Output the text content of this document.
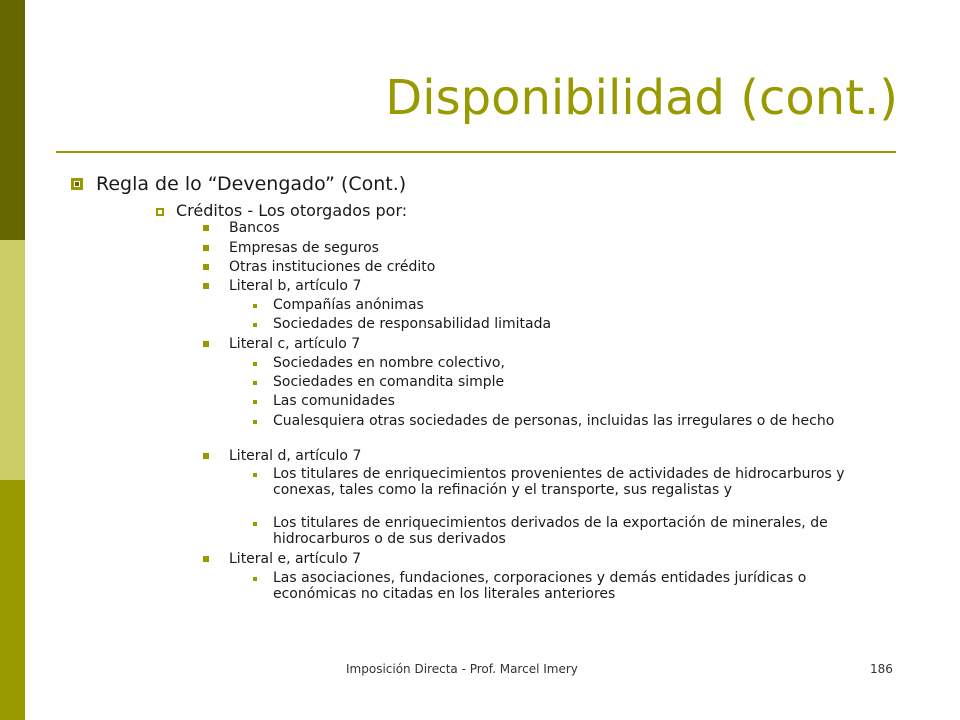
Disponibilidad (cont.)
Regla de lo “Devengado” (Cont.)
Créditos - Los otorgados por:
Bancos
Empresas de seguros
Otras instituciones de crédito
Literal b, artículo 7
Compañías anónimas
Sociedades de responsabilidad limitada
Literal c, artículo 7
Sociedades en nombre colectivo,
Sociedades en comandita simple
Las comunidades
Cualesquiera otras sociedades de personas, incluidas las irregulares o de hecho
Literal d, artículo 7
Los titulares de enriquecimientos provenientes de actividades de hidrocarburos y conexas, tales como la refinación y el transporte, sus regalistas y
Los titulares de enriquecimientos derivados de la exportación de minerales, de hidrocarburos o de sus derivados
Literal e, artículo 7
Las asociaciones, fundaciones, corporaciones y demás entidades jurídicas o económicas no citadas en los literales anteriores
Imposición Directa - Prof. Marcel Imery	186
